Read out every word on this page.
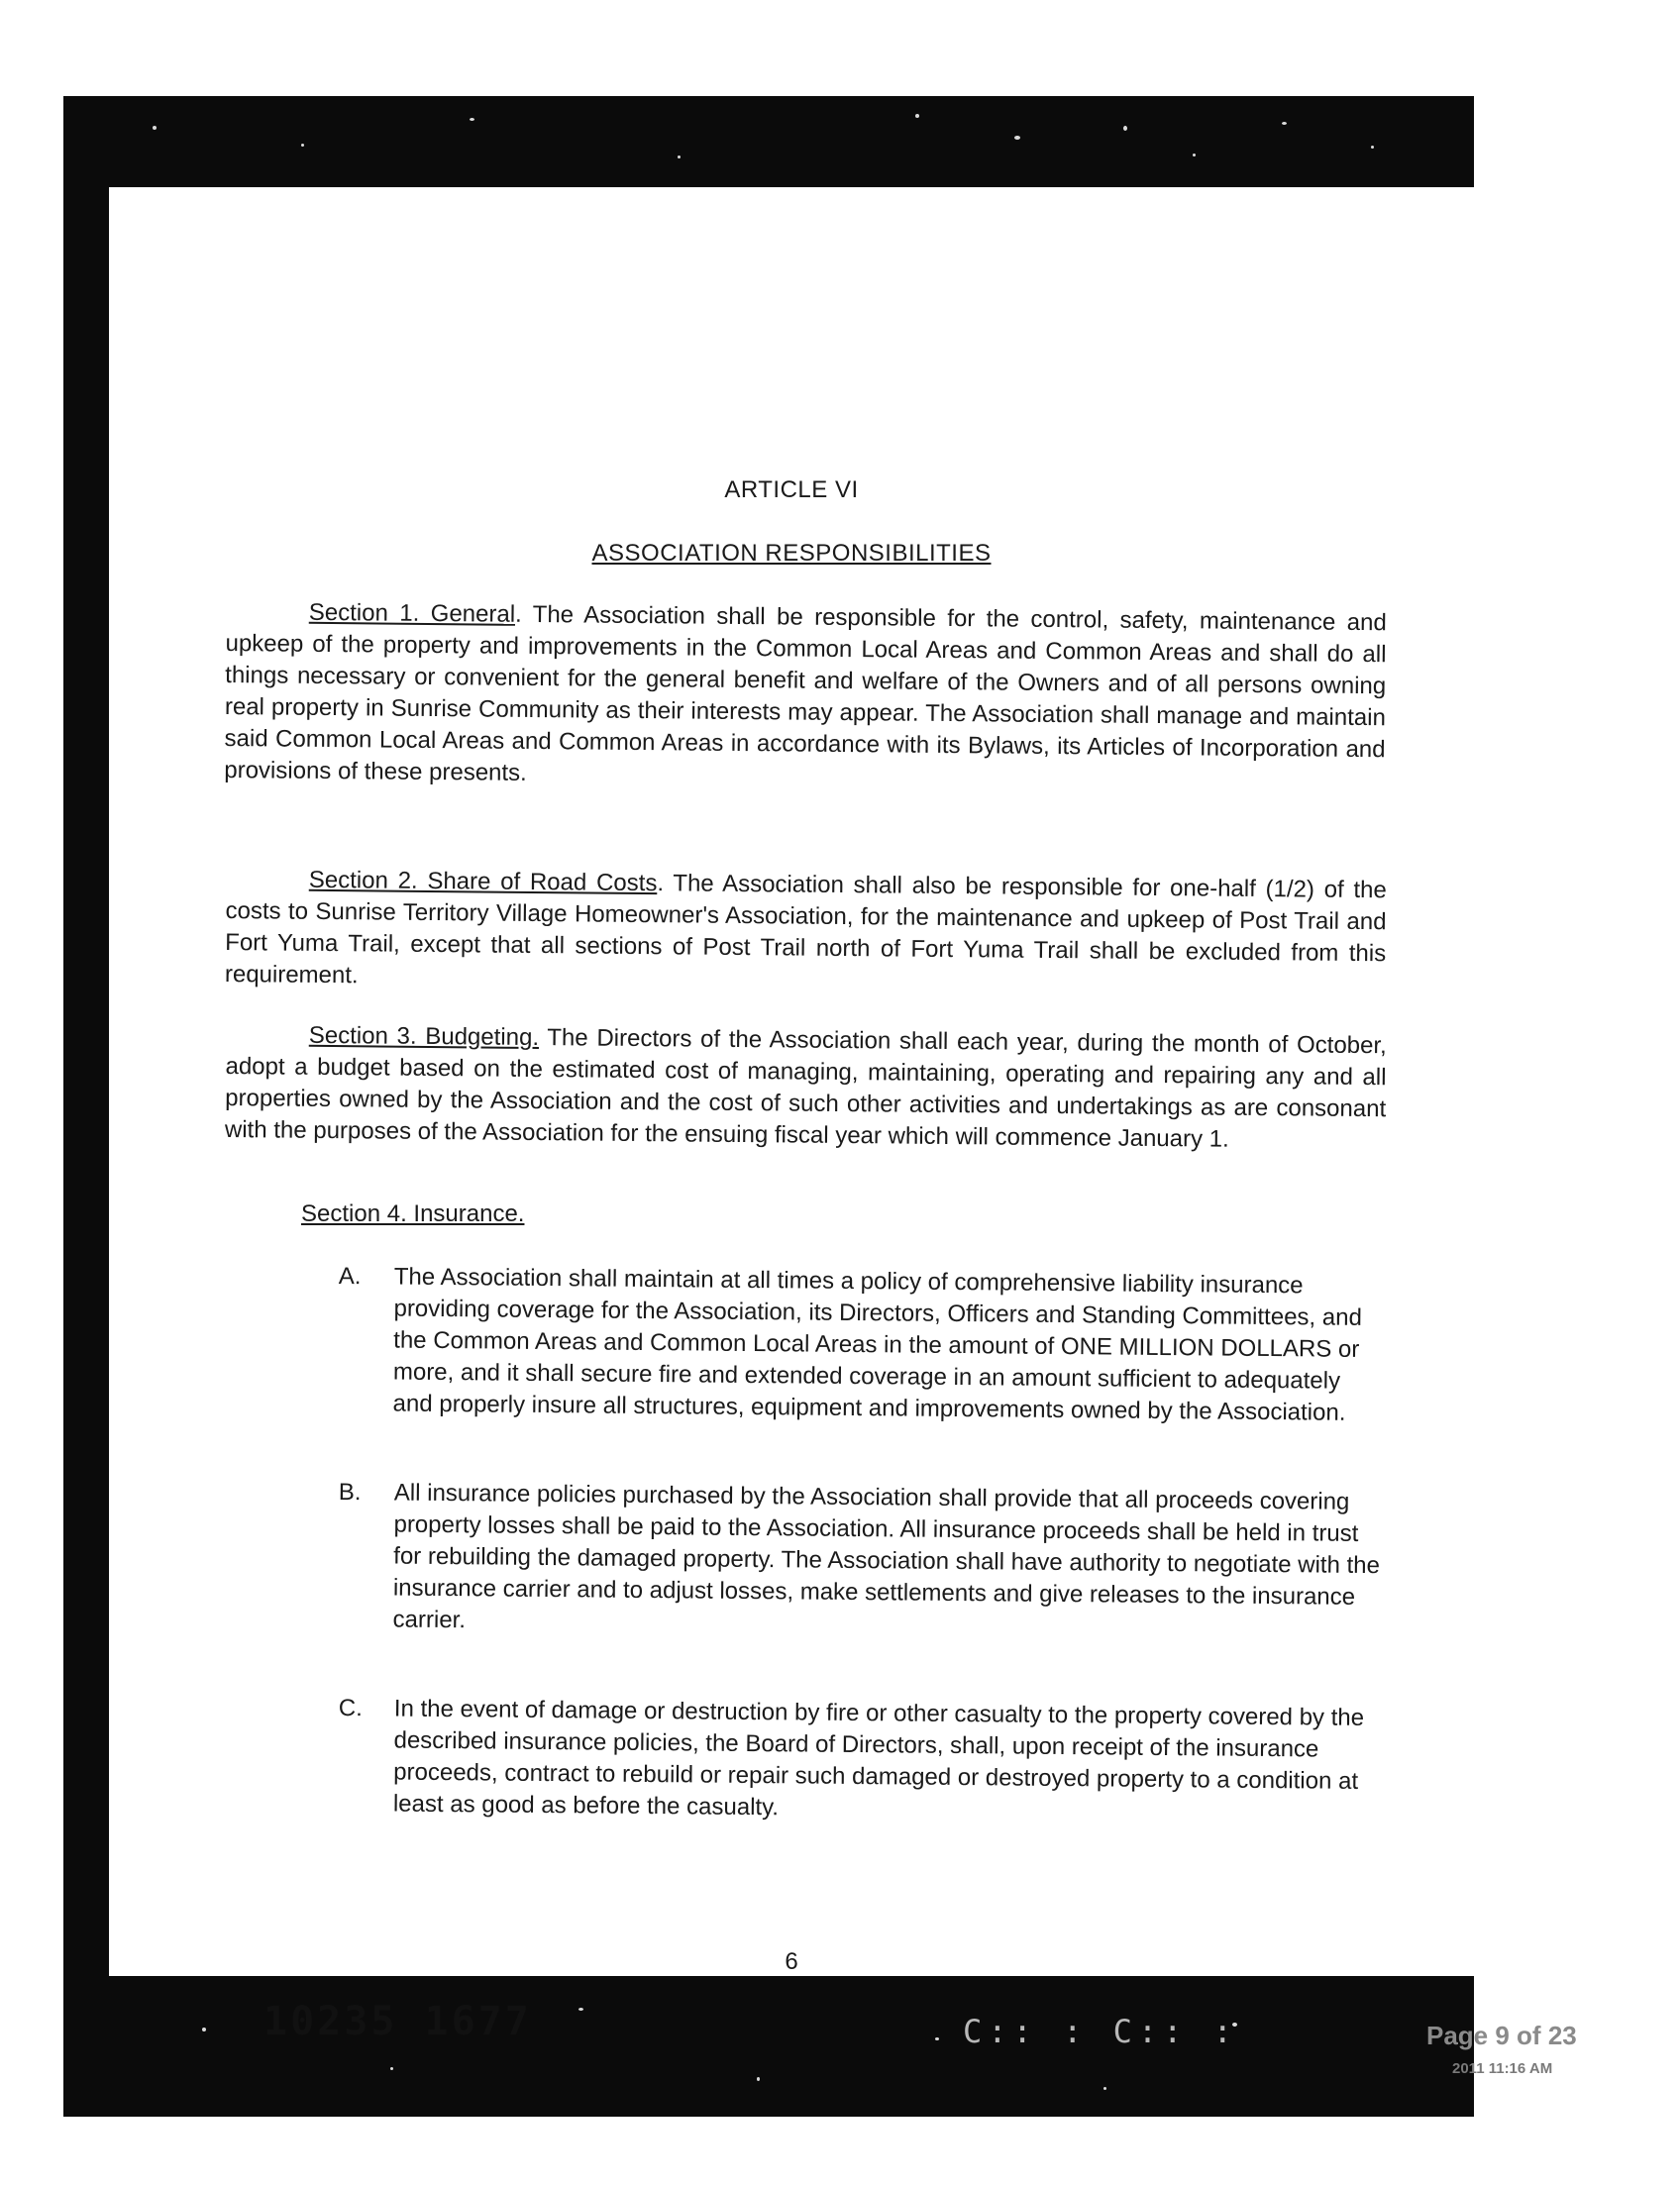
ARTICLE VI
ASSOCIATION RESPONSIBILITIES
Section 1. General. The Association shall be responsible for the control, safety, maintenance and upkeep of the property and improvements in the Common Local Areas and Common Areas and shall do all things necessary or convenient for the general benefit and welfare of the Owners and of all persons owning real property in Sunrise Community as their interests may appear. The Association shall manage and maintain said Common Local Areas and Common Areas in accordance with its Bylaws, its Articles of Incorporation and provisions of these presents.
Section 2. Share of Road Costs. The Association shall also be responsible for one-half (1/2) of the costs to Sunrise Territory Village Homeowner's Association, for the maintenance and upkeep of Post Trail and Fort Yuma Trail, except that all sections of Post Trail north of Fort Yuma Trail shall be excluded from this requirement.
Section 3. Budgeting. The Directors of the Association shall each year, during the month of October, adopt a budget based on the estimated cost of managing, maintaining, operating and repairing any and all properties owned by the Association and the cost of such other activities and undertakings as are consonant with the purposes of the Association for the ensuing fiscal year which will commence January 1.
Section 4. Insurance.
A.	The Association shall maintain at all times a policy of comprehensive liability insurance providing coverage for the Association, its Directors, Officers and Standing Committees, and the Common Areas and Common Local Areas in the amount of ONE MILLION DOLLARS or more, and it shall secure fire and extended coverage in an amount sufficient to adequately and properly insure all structures, equipment and improvements owned by the Association.
B.	All insurance policies purchased by the Association shall provide that all proceeds covering property losses shall be paid to the Association. All insurance proceeds shall be held in trust for rebuilding the damaged property. The Association shall have authority to negotiate with the insurance carrier and to adjust losses, make settlements and give releases to the insurance carrier.
C.	In the event of damage or destruction by fire or other casualty to the property covered by the described insurance policies, the Board of Directors, shall, upon receipt of the insurance proceeds, contract to rebuild or repair such damaged or destroyed property to a condition at least as good as before the casualty.
6
10235 1677	C:: : C:: :	Page 9 of 23
2011 11:16 AM
